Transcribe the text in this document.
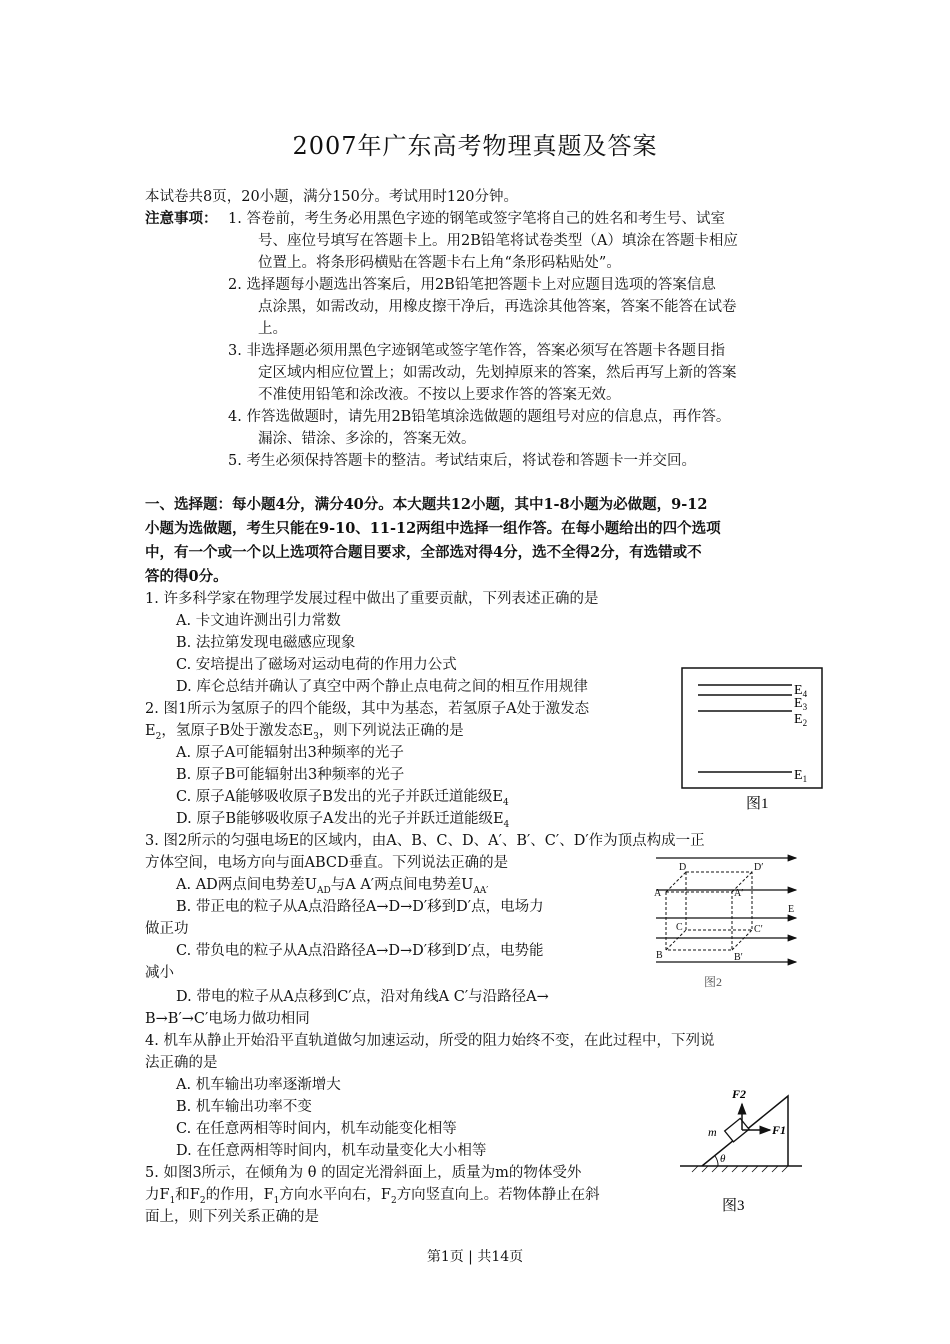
2007年广东高考物理真题及答案
本试卷共8页，20小题，满分150分。考试用时120分钟。
注意事项： 1. 答卷前，考生务必用黑色字迹的钢笔或签字笔将自己的姓名和考生号、试室
号、座位号填写在答题卡上。用2B铅笔将试卷类型（A）填涂在答题卡相应
位置上。将条形码横贴在答题卡右上角“条形码粘贴处”。
2. 选择题每小题选出答案后，用2B铅笔把答题卡上对应题目选项的答案信息
点涂黑，如需改动，用橡皮擦干净后，再选涂其他答案，答案不能答在试卷
上。
3. 非选择题必须用黑色字迹钢笔或签字笔作答，答案必须写在答题卡各题目指
定区域内相应位置上；如需改动，先划掉原来的答案，然后再写上新的答案
不准使用铅笔和涂改液。不按以上要求作答的答案无效。
4. 作答选做题时，请先用2B铅笔填涂选做题的题组号对应的信息点，再作答。
漏涂、错涂、多涂的，答案无效。
5. 考生必须保持答题卡的整洁。考试结束后，将试卷和答题卡一并交回。
一、选择题：每小题4分，满分40分。本大题共12小题，其中1-8小题为必做题，9-12
小题为选做题，考生只能在9-10、11-12两组中选择一组作答。在每小题给出的四个选项
中，有一个或一个以上选项符合题目要求，全部选对得4分，选不全得2分，有选错或不
答的得0分。
1. 许多科学家在物理学发展过程中做出了重要贡献，下列表述正确的是
A. 卡文迪许测出引力常数
B. 法拉第发现电磁感应现象
C. 安培提出了磁场对运动电荷的作用力公式
D. 库仑总结并确认了真空中两个静止点电荷之间的相互作用规律
2. 图1所示为氢原子的四个能级，其中为基态，若氢原子A处于激发态
$E_2$，氢原子B处于激发态$E_3$，则下列说法正确的是
A. 原子A可能辐射出3种频率的光子
B. 原子B可能辐射出3种频率的光子
C. 原子A能够吸收原子B发出的光子并跃迁道能级$E_4$
D. 原子B能够吸收原子A发出的光子并跃迁道能级$E_4$
$E_4$
$E_3$
$E_2$
$E_1$
图1
3. 图2所示的匀强电场E的区域内，由A、B、C、D、A′、B′、C′、D′作为顶点构成一正
方体空间，电场方向与面ABCD垂直。下列说法正确的是
A. AD两点间电势差$U_{AD}$与A A′两点间电势差$U_{AA'}$
B. 带正电的粒子从A点沿路径A→D→D′移到D′点，电场力
做正功
C. 带负电的粒子从A点沿路径A→D→D′移到D′点，电势能
减小
D. 带电的粒子从A点移到C′点，沿对角线A C′与沿路径A→
B→B′→C′电场力做功相同
D	D′
A	A′
C	C′
B	B′
E
图2
4. 机车从静止开始沿平直轨道做匀加速运动，所受的阻力始终不变，在此过程中，下列说
法正确的是
A. 机车输出功率逐渐增大
B. 机车输出功率不变
C. 在任意两相等时间内，机车动能变化相等
D. 在任意两相等时间内，机车动量变化大小相等
5. 如图3所示，在倾角为 θ 的固定光滑斜面上，质量为m的物体受外
力$F_1$和$F_2$的作用，$F_1$方向水平向右，$F_2$方向竖直向上。若物体静止在斜
面上，则下列关系正确的是
F2
m	F1
θ
图3
第1页 | 共14页
